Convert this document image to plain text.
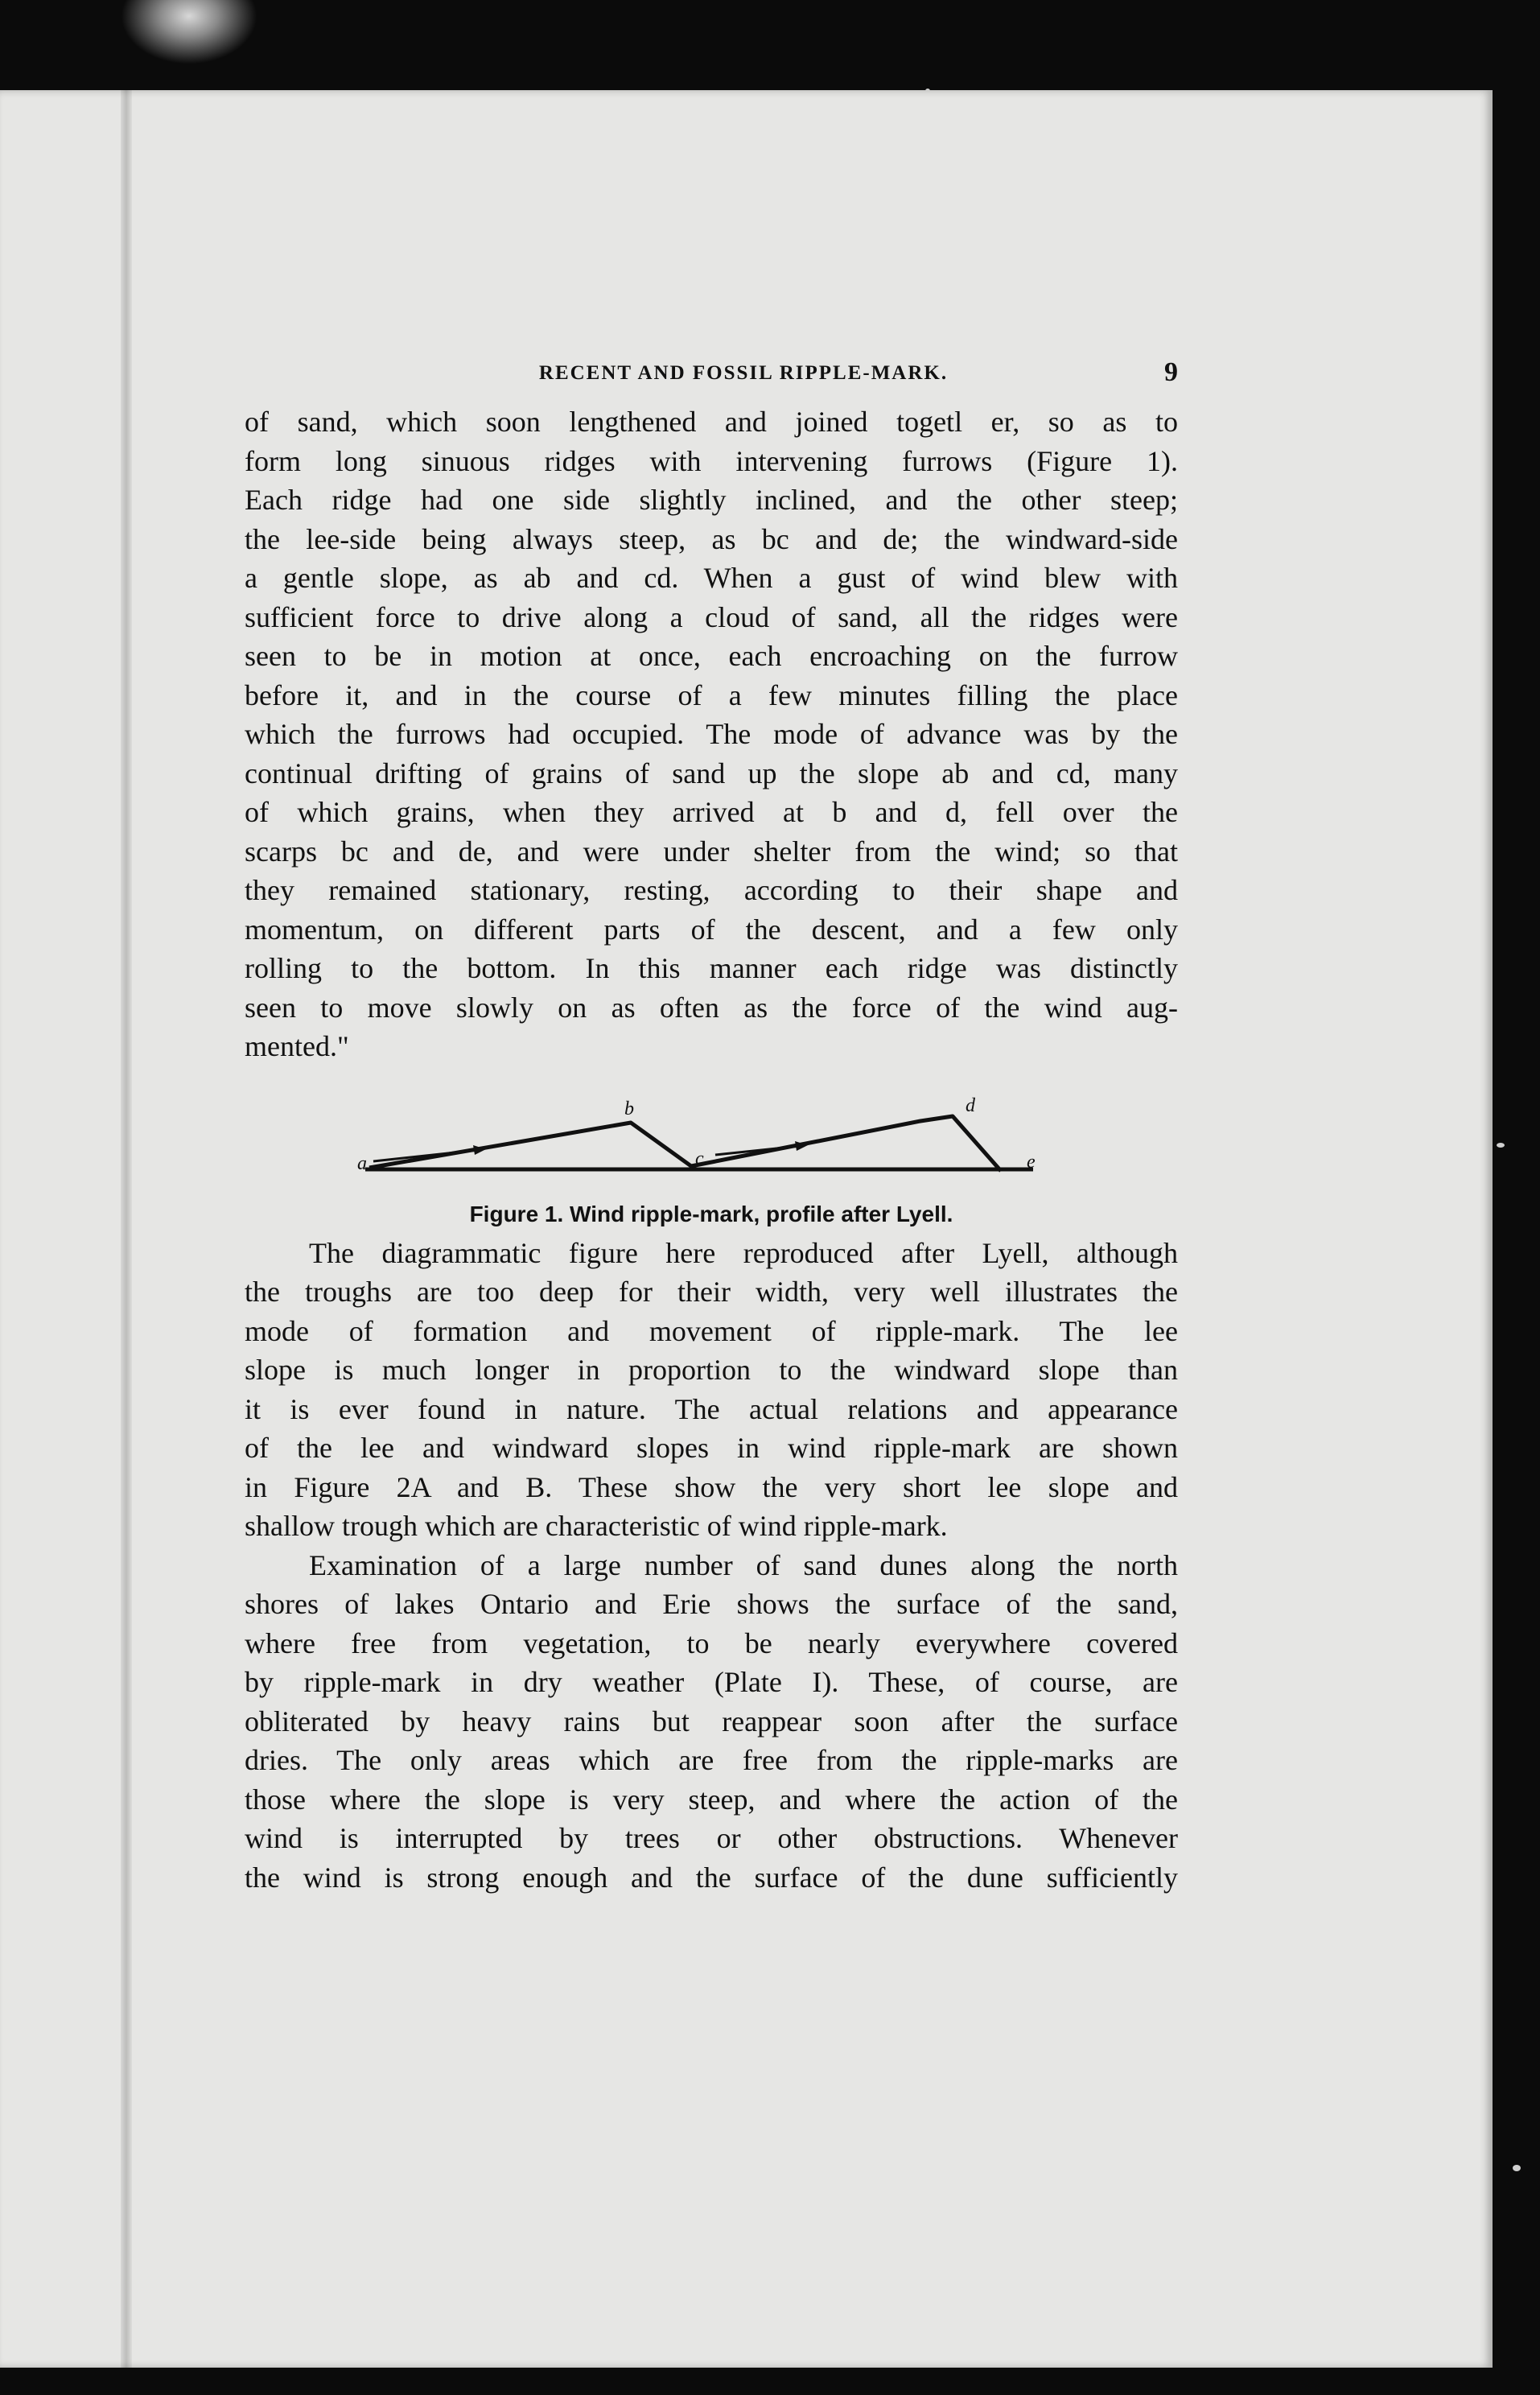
RECENT AND FOSSIL RIPPLE-MARK.	9
of sand, which soon lengthened and joined togetl er, so as to
form long sinuous ridges with intervening furrows (Figure 1).
Each ridge had one side slightly inclined, and the other steep;
the lee-side being always steep, as bc and de; the windward-side
a gentle slope, as ab and cd. When a gust of wind blew with
sufficient force to drive along a cloud of sand, all the ridges were
seen to be in motion at once, each encroaching on the furrow
before it, and in the course of a few minutes filling the place
which the furrows had occupied. The mode of advance was by the
continual drifting of grains of sand up the slope ab and cd, many
of which grains, when they arrived at b and d, fell over the
scarps bc and de, and were under shelter from the wind; so that
they remained stationary, resting, according to their shape and
momentum, on different parts of the descent, and a few only
rolling to the bottom. In this manner each ridge was distinctly
seen to move slowly on as often as the force of the wind aug-
mented."
a
b
c
d
e
Figure 1. Wind ripple-mark, profile after Lyell.
The diagrammatic figure here reproduced after Lyell, although
the troughs are too deep for their width, very well illustrates the
mode of formation and movement of ripple-mark. The lee
slope is much longer in proportion to the windward slope than
it is ever found in nature. The actual relations and appearance
of the lee and windward slopes in wind ripple-mark are shown
in Figure 2A and B. These show the very short lee slope and
shallow trough which are characteristic of wind ripple-mark.
Examination of a large number of sand dunes along the north
shores of lakes Ontario and Erie shows the surface of the sand,
where free from vegetation, to be nearly everywhere covered
by ripple-mark in dry weather (Plate I). These, of course, are
obliterated by heavy rains but reappear soon after the surface
dries. The only areas which are free from the ripple-marks are
those where the slope is very steep, and where the action of the
wind is interrupted by trees or other obstructions. Whenever
the wind is strong enough and the surface of the dune sufficiently
